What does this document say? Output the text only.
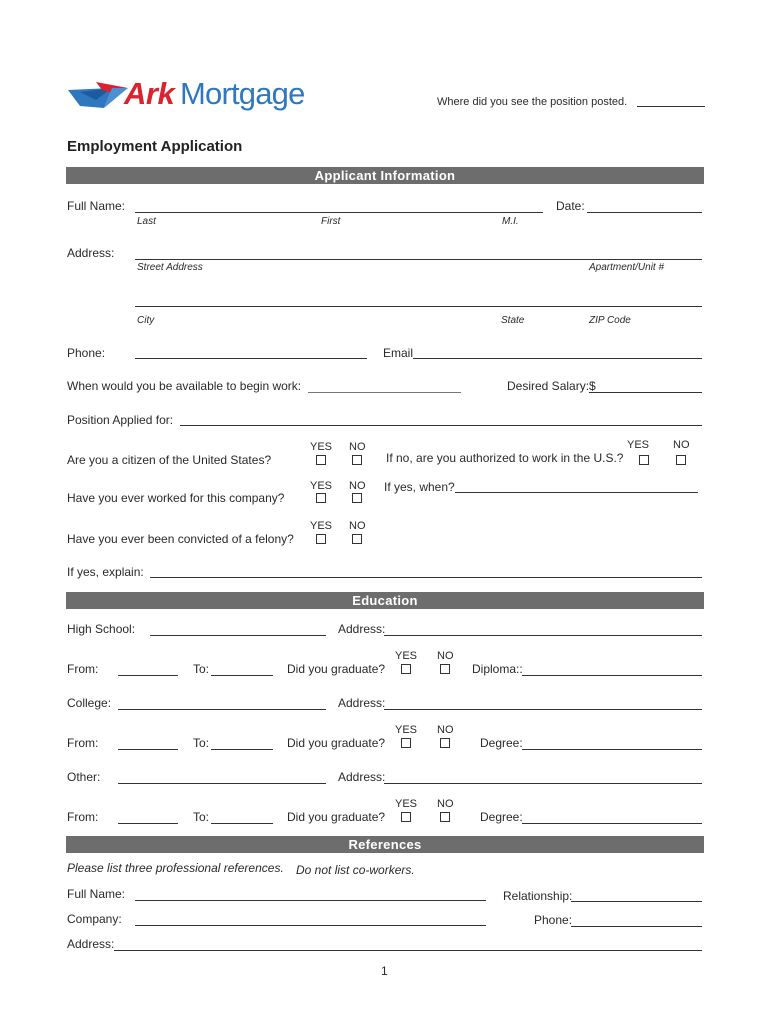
Ark Mortgage	Where did you see the position posted.
Employment Application
Applicant Information
Full Name:	Date:
Last	First	M.I.
Address:
Street Address	Apartment/Unit #
City	State	ZIP Code
Phone:	Email
When would you be available to begin work:	Desired Salary: $
Position Applied for:
Are you a citizen of the United States?
YES NO
If no, are you authorized to work in the U.S.?
YES NO
Have you ever worked for this company?
YES NO If yes, when?
Have you ever been convicted of a felony?
YES NO
If yes, explain:
Education
High School:	Address:
From:	To:	Did you graduate?
YES NO
Diploma::
College:	Address:
From:	To:	Did you graduate?
YES NO
Degree:
Other:	Address:
From:	To:	Did you graduate?
YES NO
Degree:
References
Please list three professional references. Do not list co-workers.
Full Name:	Relationship:
Company:	Phone:
Address:
1
